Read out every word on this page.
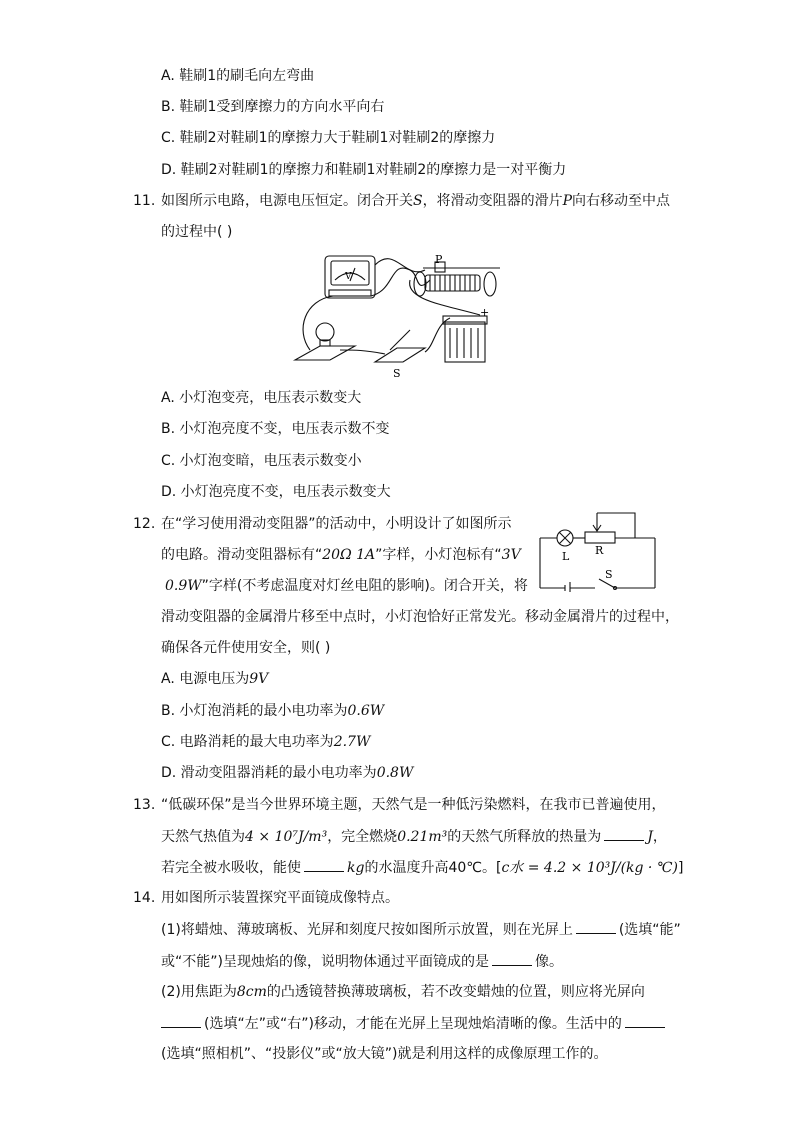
A. 鞋刷1的刷毛向左弯曲
B. 鞋刷1受到摩擦力的方向水平向右
C. 鞋刷2对鞋刷1的摩擦力大于鞋刷1对鞋刷2的摩擦力
D. 鞋刷2对鞋刷1的摩擦力和鞋刷1对鞋刷2的摩擦力是一对平衡力
11. 如图所示电路，电源电压恒定。闭合开关S，将滑动变阻器的滑片P向右移动至中点
的过程中( )
P
V
+
S
A. 小灯泡变亮，电压表示数变大
B. 小灯泡亮度不变，电压表示数不变
C. 小灯泡变暗，电压表示数变小
D. 小灯泡亮度不变，电压表示数变大
12. 在“学习使用滑动变阻器”的活动中，小明设计了如图所示
的电路。滑动变阻器标有“20Ω 1A”字样，小灯泡标有“3V
0.9W”字样(不考虑温度对灯丝电阻的影响)。闭合开关，将
滑动变阻器的金属滑片移至中点时，小灯泡恰好正常发光。移动金属滑片的过程中，
确保各元件使用安全，则( )
L R
S
A. 电源电压为9V
B. 小灯泡消耗的最小电功率为0.6W
C. 电路消耗的最大电功率为2.7W
D. 滑动变阻器消耗的最小电功率为0.8W
13. “低碳环保”是当今世界环境主题，天然气是一种低污染燃料，在我市已普遍使用，
天然气热值为4 × 10⁷J/m³，完全燃烧0.21m³的天然气所释放的热量为	J，
若完全被水吸收，能使	kg的水温度升高40℃。[c水 = 4.2 × 10³J/(kg · ℃)]
14. 用如图所示装置探究平面镜成像特点。
(1)将蜡烛、薄玻璃板、光屏和刻度尺按如图所示放置，则在光屏上	(选填“能”
或“不能”)呈现烛焰的像，说明物体通过平面镜成的是	像。
(2)用焦距为8cm的凸透镜替换薄玻璃板，若不改变蜡烛的位置，则应将光屏向
(选填“左”或“右”)移动，才能在光屏上呈现烛焰清晰的像。生活中的
(选填“照相机”、“投影仪”或“放大镜”)就是利用这样的成像原理工作的。
